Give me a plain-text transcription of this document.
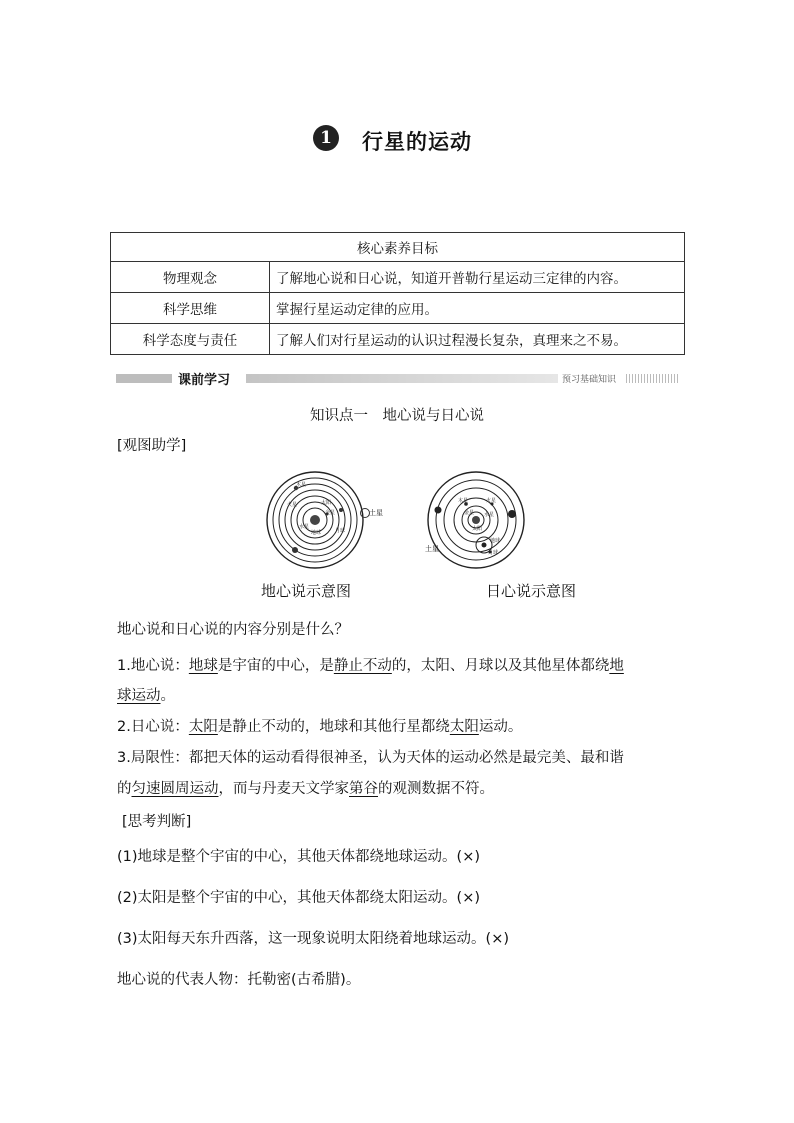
1	行星的运动
核心素养目标	
物理观念	了解地心说和日心说，知道开普勒行星运动三定律的内容。
科学思维	掌握行星运动定律的应用。
科学态度与责任	了解人们对行星运动的认识过程漫长复杂，真理来之不易。
课前学习	预习基础知识
知识点一　地心说与日心说
[观图助学]
木星
火星	太阳
金星
水星
月球
地球
土星
木星	火星
金星 水星
太阳
地球
月球
土星
地心说示意图	日心说示意图
地心说和日心说的内容分别是什么？
1.地心说：地球是宇宙的中心，是静止不动的，太阳、月球以及其他星体都绕地
球运动。
2.日心说：太阳是静止不动的，地球和其他行星都绕太阳运动。
3.局限性：都把天体的运动看得很神圣，认为天体的运动必然是最完美、最和谐
的匀速圆周运动，而与丹麦天文学家第谷的观测数据不符。
[思考判断]
(1)地球是整个宇宙的中心，其他天体都绕地球运动。(×)
(2)太阳是整个宇宙的中心，其他天体都绕太阳运动。(×)
(3)太阳每天东升西落，这一现象说明太阳绕着地球运动。(×)
地心说的代表人物：托勒密(古希腊)。
